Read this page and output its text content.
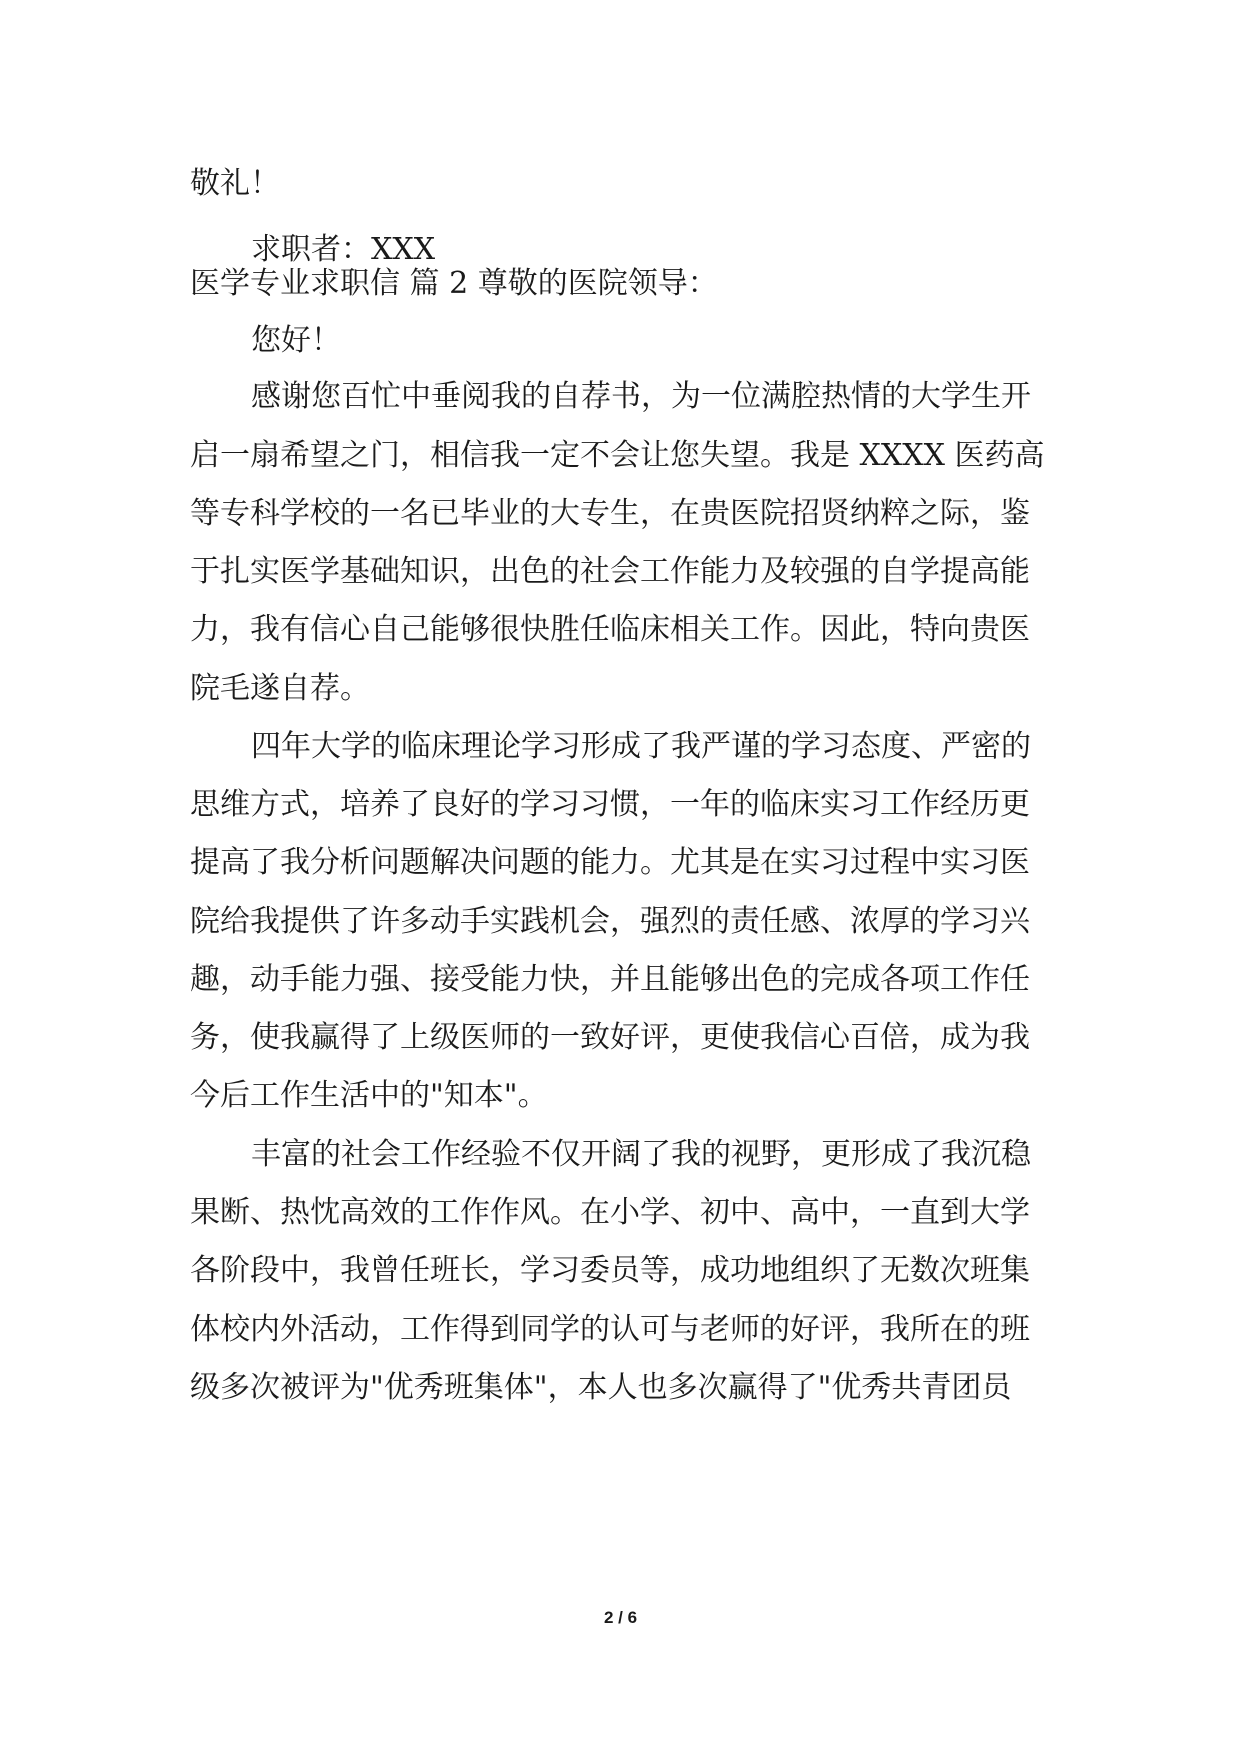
敬礼！
求职者：XXX
医学专业求职信 篇 2 尊敬的医院领导：
您好！
感谢您百忙中垂阅我的自荐书，为一位满腔热情的大学生开
启一扇希望之门，相信我一定不会让您失望。我是 XXXX 医药高
等专科学校的一名已毕业的大专生，在贵医院招贤纳粹之际，鉴
于扎实医学基础知识，出色的社会工作能力及较强的自学提高能
力，我有信心自己能够很快胜任临床相关工作。因此，特向贵医
院毛遂自荐。
四年大学的临床理论学习形成了我严谨的学习态度、严密的
思维方式，培养了良好的学习习惯，一年的临床实习工作经历更
提高了我分析问题解决问题的能力。尤其是在实习过程中实习医
院给我提供了许多动手实践机会，强烈的责任感、浓厚的学习兴
趣，动手能力强、接受能力快，并且能够出色的完成各项工作任
务，使我赢得了上级医师的一致好评，更使我信心百倍，成为我
今后工作生活中的"知本"。
丰富的社会工作经验不仅开阔了我的视野，更形成了我沉稳
果断、热忱高效的工作作风。在小学、初中、高中，一直到大学
各阶段中，我曾任班长，学习委员等，成功地组织了无数次班集
体校内外活动，工作得到同学的认可与老师的好评，我所在的班
级多次被评为"优秀班集体"，本人也多次赢得了"优秀共青团员
2 / 6
